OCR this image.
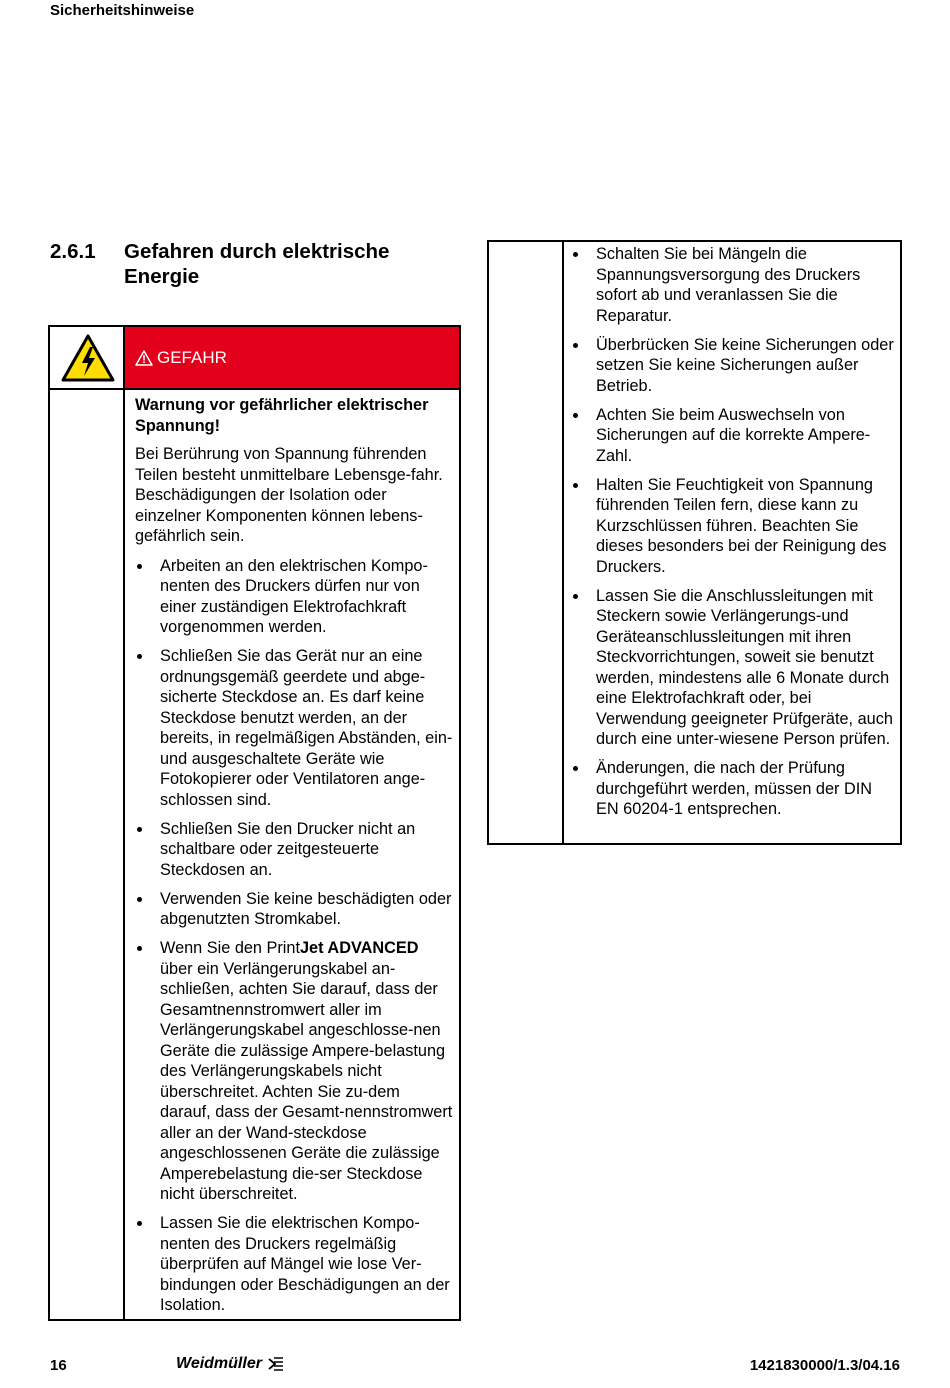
Sicherheitshinweise
2.6.1 Gefahren durch elektrische Energie
GEFAHR

Warnung vor gefährlicher elektrischer Spannung!

Bei Berührung von Spannung führenden Teilen besteht unmittelbare Lebensge-fahr. Beschädigungen der Isolation oder einzelner Komponenten können lebens-gefährlich sein.

Arbeiten an den elektrischen Kompo-nenten des Druckers dürfen nur von einer zuständigen Elektrofachkraft vorgenommen werden.
Schließen Sie das Gerät nur an eine ordnungsgemäß geerdete und abge-sicherte Steckdose an. Es darf keine Steckdose benutzt werden, an der bereits, in regelmäßigen Abständen, ein- und ausgeschaltete Geräte wie Fotokopierer oder Ventilatoren ange-schlossen sind.
Schließen Sie den Drucker nicht an schaltbare oder zeitgesteuerte Steckdosen an.
Verwenden Sie keine beschädigten oder abgenutzten Stromkabel.
Wenn Sie den PrintJet ADVANCED über ein Verlängerungskabel an-schließen, achten Sie darauf, dass der Gesamtnennstromwert aller im Verlängerungskabel angeschlosse-nen Geräte die zulässige Ampere-belastung des Verlängerungskabels nicht überschreitet. Achten Sie zu-dem darauf, dass der Gesamt-nennstromwert aller an der Wand-steckdose angeschlossenen Geräte die zulässige Amperebelastung die-ser Steckdose nicht überschreitet.
Lassen Sie die elektrischen Kompo-nenten des Druckers regelmäßig überprüfen auf Mängel wie lose Ver-bindungen oder Beschädigungen an der Isolation.
Schalten Sie bei Mängeln die Spannungsversorgung des Druckers sofort ab und veranlassen Sie die Reparatur.
Überbrücken Sie keine Sicherungen oder setzen Sie keine Sicherungen außer Betrieb.
Achten Sie beim Auswechseln von Sicherungen auf die korrekte Ampere-Zahl.
Halten Sie Feuchtigkeit von Spannung führenden Teilen fern, diese kann zu Kurzschlüssen führen. Beachten Sie dieses besonders bei der Reinigung des Druckers.
Lassen Sie die Anschlussleitungen mit Steckern sowie Verlängerungs-und Geräteanschlussleitungen mit ihren Steckvorrichtungen, soweit sie benutzt werden, mindestens alle 6 Monate durch eine Elektrofachkraft oder, bei Verwendung geeigneter Prüfgeräte, auch durch eine unter-wiesene Person prüfen.
Änderungen, die nach der Prüfung durchgeführt werden, müssen der DIN EN 60204-1 entsprechen.
16	Weidmüller	1421830000/1.3/04.16
